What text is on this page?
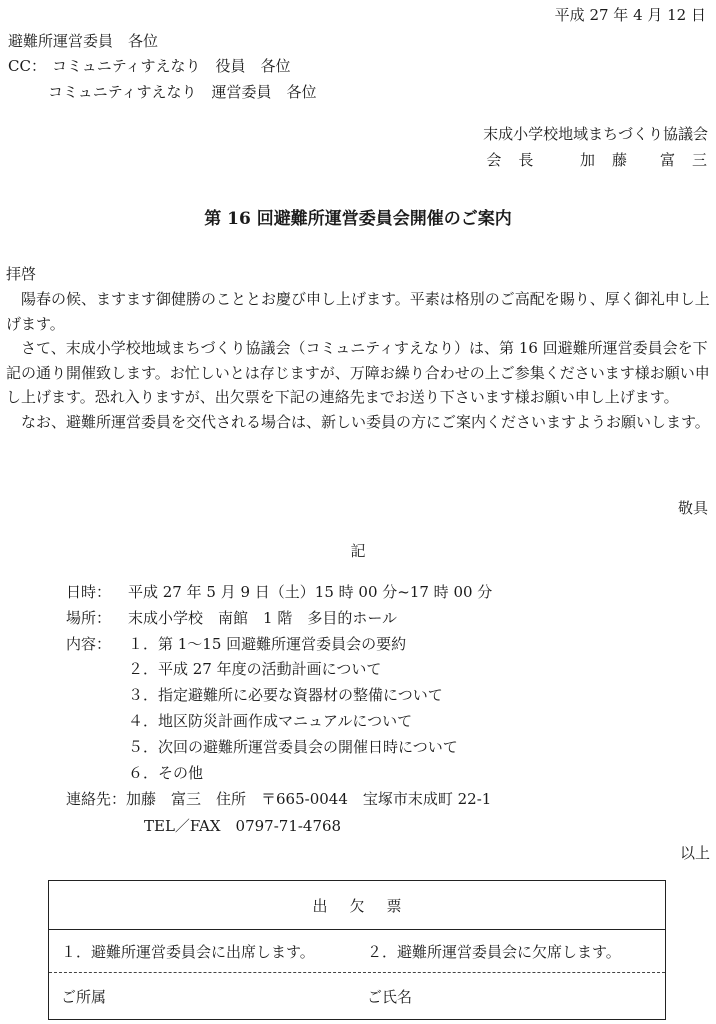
平成 27 年 4 月 12 日
避難所運営委員　各位
CC： コミュニティすえなり　役員　各位
コミュニティすえなり　運営委員　各位
末成小学校地域まちづくり協議会
会　長	加　藤　　富　三
第 16 回避難所運営委員会開催のご案内
拝啓

陽春の候、ますます御健勝のこととお慶び申し上げます。平素は格別のご高配を賜り、厚く御礼申し上げます。

さて、末成小学校地域まちづくり協議会（コミュニティすえなり）は、第 16 回避難所運営委員会を下記の通り開催致します。お忙しいとは存じますが、万障お繰り合わせの上ご参集くださいます様お願い申し上げます。恐れ入りますが、出欠票を下記の連絡先までお送り下さいます様お願い申し上げます。

なお、避難所運営委員を交代される場合は、新しい委員の方にご案内くださいますようお願いします。

敬具
記
日時：	平成 27 年 5 月 9 日（土）15 時 00 分~17 時 00 分
場所：	末成小学校　南館　1 階　多目的ホール
内容：	１．第 1～15 回避難所運営委員会の要約
２．平成 27 年度の活動計画について
３．指定避難所に必要な資器材の整備について
４．地区防災計画作成マニュアルについて
５．次回の避難所運営委員会の開催日時について
６．その他
連絡先：加藤　富三　住所　〒665-0044　宝塚市末成町 22-1
TEL／FAX　0797-71-4768
以上
出欠票
１．避難所運営委員会に出席します。	２．避難所運営委員会に欠席します。
ご所属	ご氏名
